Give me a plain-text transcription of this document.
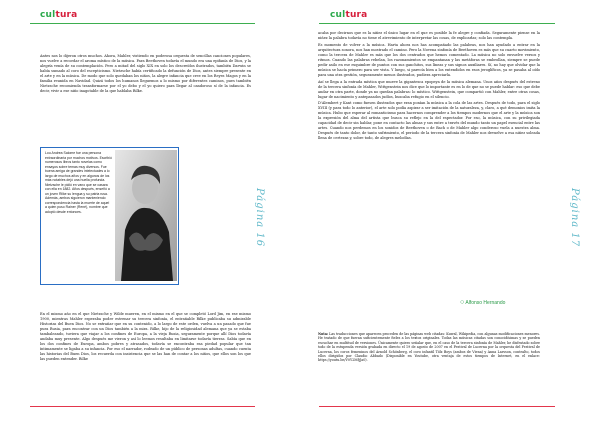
cultura

Antes nos lo dijeron otros muchos. Ahora, Mahler, vistiendo en poderosa orquesta de sencillas canciones populares, nos vuelve a recordar el aroma místico de la música. Para Beethoven todavía el mundo era una epifanía de Dios, y la alegría venía de su contemplación. Pero a mitad del siglo XIX en solo los descreídos ilustrados, también Darwin se había sumado al coro del escepticismo. Nietzsche había certificado la defunción de Dios, antes siempre presente en el arte y en la música. De modo que solo quedaban los niños, la alegre infancia que cree en los Reyes Magos y en la familia reunida en Navidad. Quizá todos los humanos lleguemos a lo mismo por diferentes caminos, pues también Nietzsche recomienda transformarse por el yo debo y el yo quiero para llegar al candoroso sí de la infancia. Es decir, vivir a ese niño inagotable de la que hablaba Rilke.

Lou Andrea Salome fue una persona extraordinaria por muchos motivos. Escribió numerosos libros tanto novelas como ensayos sobre temas muy diversos. Fue buena amiga de grandes intelectuales a lo largo de muchos años y en algunos de los más notables dejó una huella profunda. Nietzsche le pidió en vano que se casara con ella en 1882. Años después, enseñó a un joven Rilke su lengua y su patria rusa. Además, ambos siguieron manteniendo correspondencia hasta la muerte de aquel a quien puso Rainer (René), nombre que adoptó desde entonces.

En el mismo año en el que Nietzsche y Wilde mueren, en el mismo en el que se completó Lord Jim, en ese mismo 1900, mientras Mahler esperaba poder estrenar su tercera sinfonía, el entrañable Rilke publicaba su admirable Historias del Buen Dios. No se extrañar que en su contenido, a lo largo de este orden, vuelva a un pasado que fue pura Rusia, para encontrar con un Dios también a la mira. Rilke, hijo de la religiosidad alemana que ya se estaba tambaleando, tuviera que viajar a los confines de Europa, a la vieja Rusia, seguramente porque allí Dios todavía andaba muy presente. Algo después me vieron y así lo leemos resultaba en limitarse todavía tierras. Sabía que en los dos confines de Europa, ambos pobres y atrasados, todavía se encontraba esa piedad popular que tan íntimamente se ligaba a su infancia. Por eso el narrador, rodeado de un público de personas adultas, cuando cuenta las historias del Buen Dios, los recuerda con insistencia que se las han de contar a los niños, que ellos son los que las pueden entender. Rilke

Página 16
cultura

acaba por decirnos que es la niñez el único lugar en el que es posible la fe alegre y confiada. Seguramente piense en la niñez la palabra todavía no tiene el atrevimiento de interpretar las cosas, de explicarlas; solo las contempla.

Es momento de volver a la música. Harta ahora nos has acompañado las palabras, nos han ayudado a entrar en la arquitectura sonora, nos han mostrado el camino. Pero la Novena sinfonía de Beethoven es más que su cuarto movimiento, como la tercera de Mahler es más que los dos centrados que hemos comentado. La música no solo envuelve versos y ritmos. Cuando las palabras rebelan, los razonamientos se empantanan y las metáforas se embrollan, siempre se puede pedir asilo en ese esquimbre de puntos con sus ganchitos, sus líneas y sus signos auxiliares. Sí, no hay que olvidar que la música se hacía primero para ser vista. Y luego, si parecía bien a los entendidos en esos jeroglíficos, ya se pasaba al oído para una otra gestión, seguramente menos ilustrados, pudiera apreciarla.

Así se llega a la entrada mística que mueve la gigantesca epopeya de la música alemana. Unos años después del estreno de la tercera sinfonía de Mahler, Wittgenstein nos dice que lo importante es en lo de que no se puede hablar: eso que debe andar en otra parte, donde ya no quedan palabras: lo místico. Wittgenstein, que compartió con Mahler, entre otras cosas, lugar de nacimiento y antepasados judíos, buscaba refugio en el silencio.

D'Alembert y Kant como fuesen ilustrados que eran ponían la música a la cola de las artes. Después de todo, para el siglo XVIII (y para todo lo anterior), el arte solo podía aspirar a ser imitación de la naturaleza, y, claro, a qué demonios imita la música. Hubo que esperar al romanticismo para hacernos comprender a los tiempos modernos que el arte y la música son la expresión del alma del artista que busca su reflejo en la del espectador. Por eso, la música, con su privilegiada capacidad de decir sin hablar, pone en contacto las almas y sus entre a través del mundo tanto un papel esencial entre las artes. Cuando nos perdemos en los sonidos de Beethoven o de Bach o de Mahler algo conderoso vuela a nuestra alma. Después de tanto dolor, de tanto sufrimiento, el periodo de la tercera sinfonía de Mahler nos devuelve a esa niñez soleada llena de certezas y, sobre todo, de alegres melodías.

○ Alfonso Hernando
Nota: Las traducciones que aparecen proceden de las páginas web citadas: Kuwal, Wikipedia, con algunas modificaciones menores. He tratado de que fueran suficientemente fieles a los textos originales. Todas las músicas citadas son conocidísimas y se pueden escuchar en multitud de versiones. Únicamente quiero señalar que, en el caso de la tercera sinfonía de Mahler, he disfrutado sobre todo de la estupenda versión grabada en directo el 19 de agosto de 2007 en el Festival de Lucerna por la orquesta del Festival de Lucerna, los coros femeninos del Arnold Schönberg, el coro infantil Tölz Boys (ambos de Viena) y Anna Larsson, contralto, todos ellos dirigidos por Claudio Abbado (Disponible en Youtube, otra ventaja de estos tiempos de Internet, en el enlace: https://youtu.be/V0Y2MfjJa0).
Página 17
